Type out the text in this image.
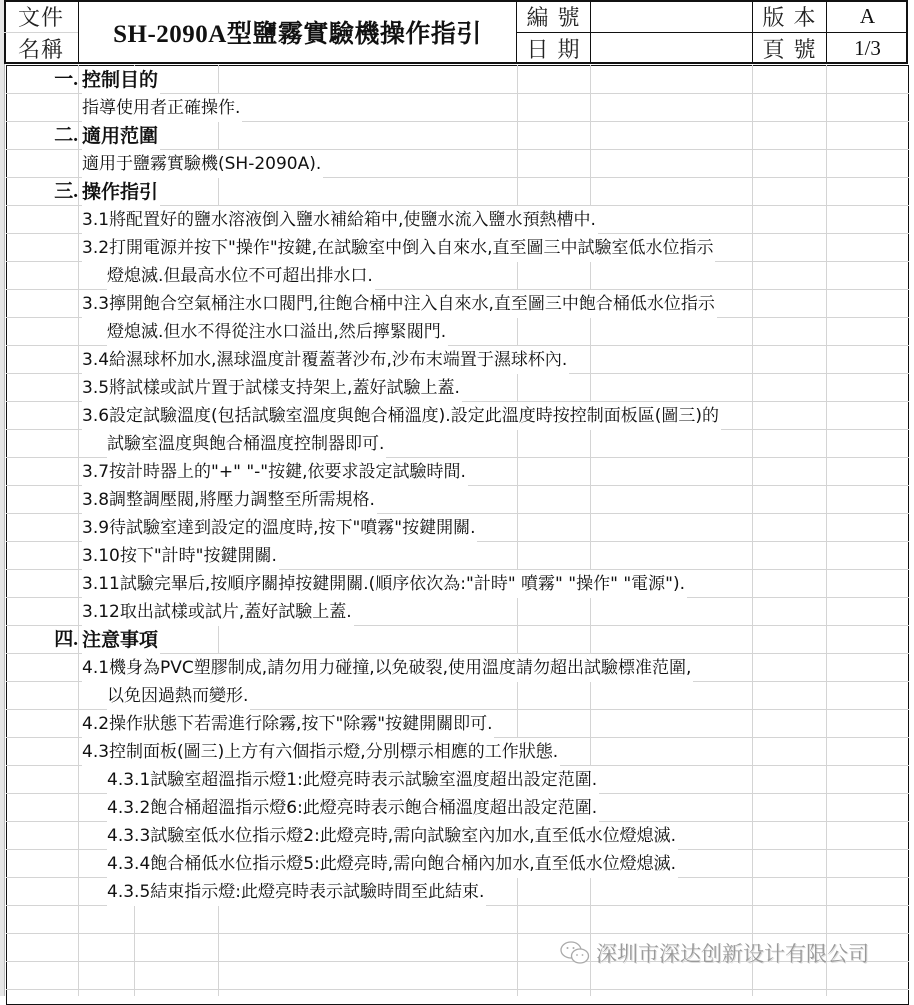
文件
名稱
SH-2090A型鹽霧實驗機操作指引
編 號
日 期
版 本	A
頁 號	1/3
一. 控制目的
指導使用者正確操作.
二. 適用范圍
適用于鹽霧實驗機(SH-2090A).
三. 操作指引
3.1將配置好的鹽水溶液倒入鹽水補給箱中,使鹽水流入鹽水預熱槽中.
3.2打開電源并按下"操作"按鍵,在試驗室中倒入自來水,直至圖三中試驗室低水位指示
燈熄滅.但最高水位不可超出排水口.
3.3擰開飽合空氣桶注水口閥門,往飽合桶中注入自來水,直至圖三中飽合桶低水位指示
燈熄滅.但水不得從注水口溢出,然后擰緊閥門.
3.4給濕球杯加水,濕球溫度計覆蓋著沙布,沙布末端置于濕球杯內.
3.5將試樣或試片置于試樣支持架上,蓋好試驗上蓋.
3.6設定試驗溫度(包括試驗室溫度與飽合桶溫度).設定此溫度時按控制面板區(圖三)的
試驗室溫度與飽合桶溫度控制器即可.
3.7按計時器上的"+" "-"按鍵,依要求設定試驗時間.
3.8調整調壓閥,將壓力調整至所需規格.
3.9待試驗室達到設定的溫度時,按下"噴霧"按鍵開關.
3.10按下"計時"按鍵開關.
3.11試驗完畢后,按順序關掉按鍵開關.(順序依次為:"計時" 噴霧" "操作" "電源").
3.12取出試樣或試片,蓋好試驗上蓋.
四. 注意事項
4.1機身為PVC塑膠制成,請勿用力碰撞,以免破裂,使用溫度請勿超出試驗標准范圍,
以免因過熱而變形.
4.2操作狀態下若需進行除霧,按下"除霧"按鍵開關即可.
4.3控制面板(圖三)上方有六個指示燈,分別標示相應的工作狀態.
4.3.1試驗室超溫指示燈1:此燈亮時表示試驗室溫度超出設定范圍.
4.3.2飽合桶超溫指示燈6:此燈亮時表示飽合桶溫度超出設定范圍.
4.3.3試驗室低水位指示燈2:此燈亮時,需向試驗室內加水,直至低水位燈熄滅.
4.3.4飽合桶低水位指示燈5:此燈亮時,需向飽合桶內加水,直至低水位燈熄滅.
4.3.5結束指示燈:此燈亮時表示試驗時間至此結束.
深圳市深达创新设计有限公司
